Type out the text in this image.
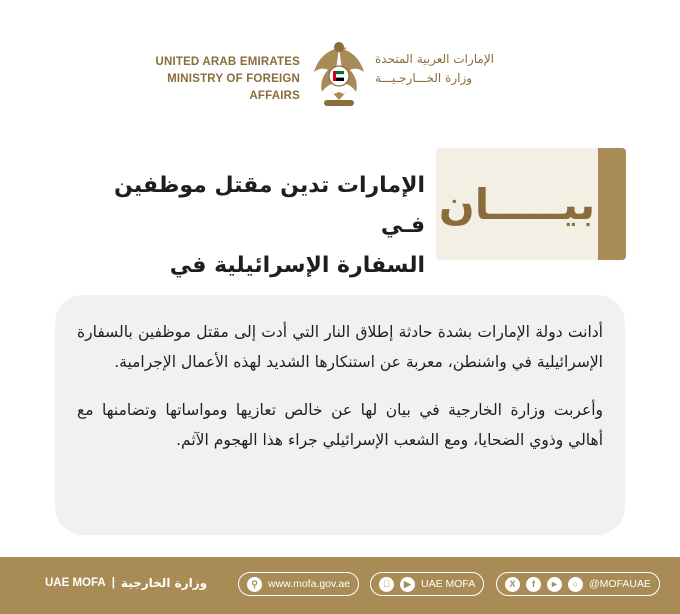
UNITED ARAB EMIRATES
MINISTRY OF FOREIGN AFFAIRS
الإمارات العربية المتحدة
وزارة الخـــارجـيـــة
الإمارات تدين مقتل موظفين فـي
السفارة الإسرائيلية في
بيـــــان

أدانت دولة الإمارات بشدة حادثة إطلاق النار التي أدت إلى مقتل موظفين بالسفارة الإسرائيلية في واشنطن، معربة عن استنكارها الشديد لهذه الأعمال الإجرامية.

وأعربت وزارة الخارجية في بيان لها عن خالص تعازيها ومواساتها وتضامنها مع أهالي وذوي الضحايا، ومع الشعب الإسرائيلي جراء هذا الهجوم الآثم.

UAE MOFA | وزارة الخارجية	⚲ www.mofa.gov.ae	▶ UAE MOFA	X	f	►	○	@MOFAUAE
